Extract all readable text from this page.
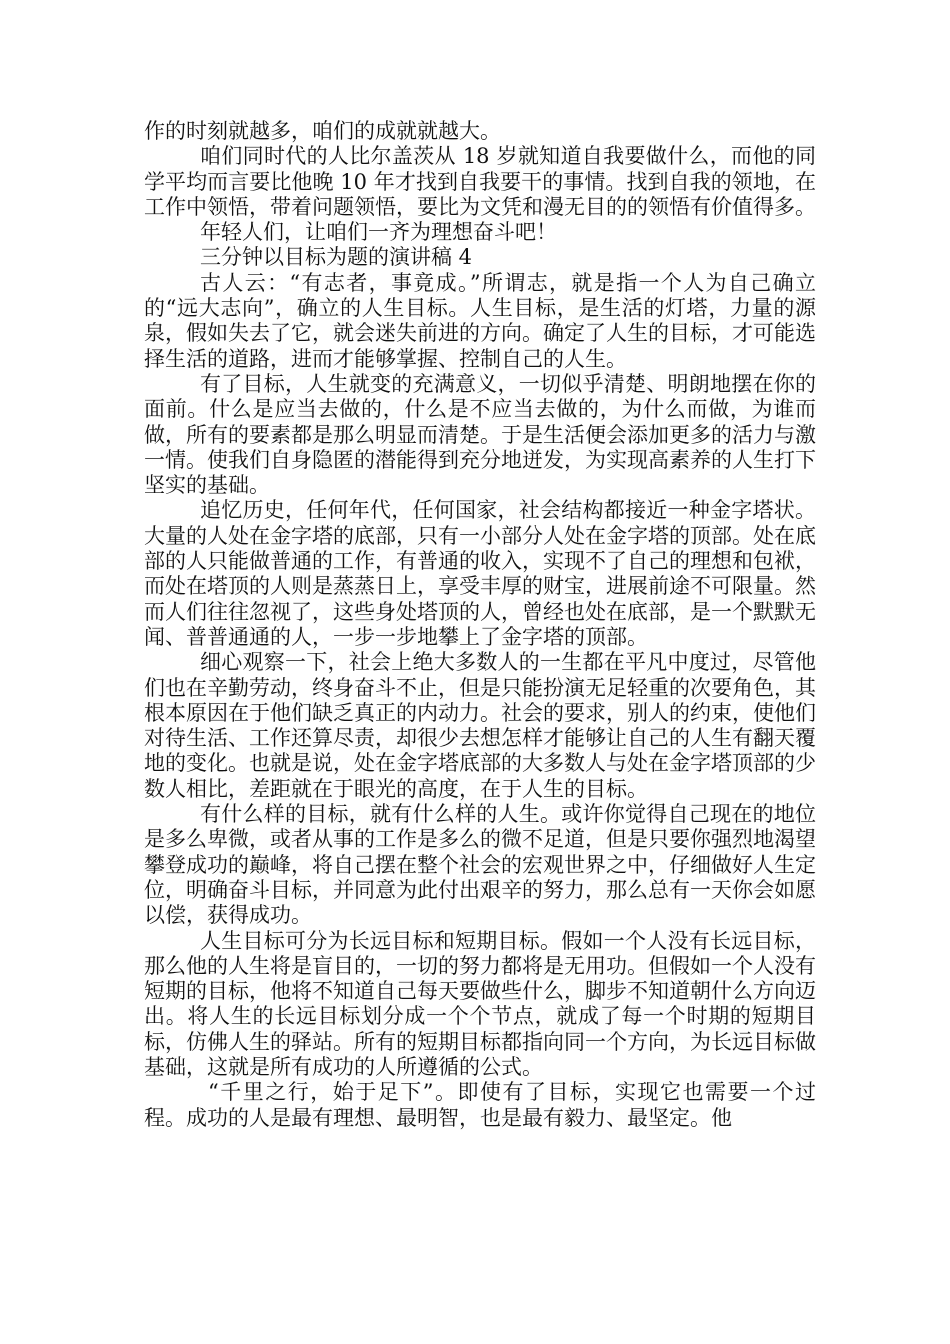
作的时刻就越多，咱们的成就就越大。

咱们同时代的人比尔盖茨从 18 岁就知道自我要做什么，而他的同学平均而言要比他晚 10 年才找到自我要干的事情。找到自我的领地，在工作中领悟，带着问题领悟，要比为文凭和漫无目的的领悟有价值得多。

年轻人们，让咱们一齐为理想奋斗吧！

三分钟以目标为题的演讲稿 4

古人云：“有志者，事竟成。”所谓志，就是指一个人为自己确立的“远大志向”，确立的人生目标。人生目标，是生活的灯塔，力量的源泉，假如失去了它，就会迷失前进的方向。确定了人生的目标，才可能选择生活的道路，进而才能够掌握、控制自己的人生。

有了目标，人生就变的充满意义，一切似乎清楚、明朗地摆在你的面前。什么是应当去做的，什么是不应当去做的，为什么而做，为谁而做，所有的要素都是那么明显而清楚。于是生活便会添加更多的活力与激一情。使我们自身隐匿的潜能得到充分地迸发，为实现高素养的人生打下坚实的基础。

追忆历史，任何年代，任何国家，社会结构都接近一种金字塔状。大量的人处在金字塔的底部，只有一小部分人处在金字塔的顶部。处在底部的人只能做普通的工作，有普通的收入，实现不了自己的理想和包袱，而处在塔顶的人则是蒸蒸日上，享受丰厚的财宝，进展前途不可限量。然而人们往往忽视了，这些身处塔顶的人，曾经也处在底部，是一个默默无闻、普普通通的人，一步一步地攀上了金字塔的顶部。

细心观察一下，社会上绝大多数人的一生都在平凡中度过，尽管他们也在辛勤劳动，终身奋斗不止，但是只能扮演无足轻重的次要角色，其根本原因在于他们缺乏真正的内动力。社会的要求，别人的约束，使他们对待生活、工作还算尽责，却很少去想怎样才能够让自己的人生有翻天覆地的变化。也就是说，处在金字塔底部的大多数人与处在金字塔顶部的少数人相比，差距就在于眼光的高度，在于人生的目标。

有什么样的目标，就有什么样的人生。或许你觉得自己现在的地位是多么卑微，或者从事的工作是多么的微不足道，但是只要你强烈地渴望攀登成功的巅峰，将自己摆在整个社会的宏观世界之中，仔细做好人生定位，明确奋斗目标，并同意为此付出艰辛的努力，那么总有一天你会如愿以偿，获得成功。

人生目标可分为长远目标和短期目标。假如一个人没有长远目标，那么他的人生将是盲目的，一切的努力都将是无用功。但假如一个人没有短期的目标，他将不知道自己每天要做些什么，脚步不知道朝什么方向迈出。将人生的长远目标划分成一个个节点，就成了每一个时期的短期目标，仿佛人生的驿站。所有的短期目标都指向同一个方向，为长远目标做基础，这就是所有成功的人所遵循的公式。

“千里之行，始于足下”。即使有了目标，实现它也需要一个过程。成功的人是最有理想、最明智，也是最有毅力、最坚定。他
